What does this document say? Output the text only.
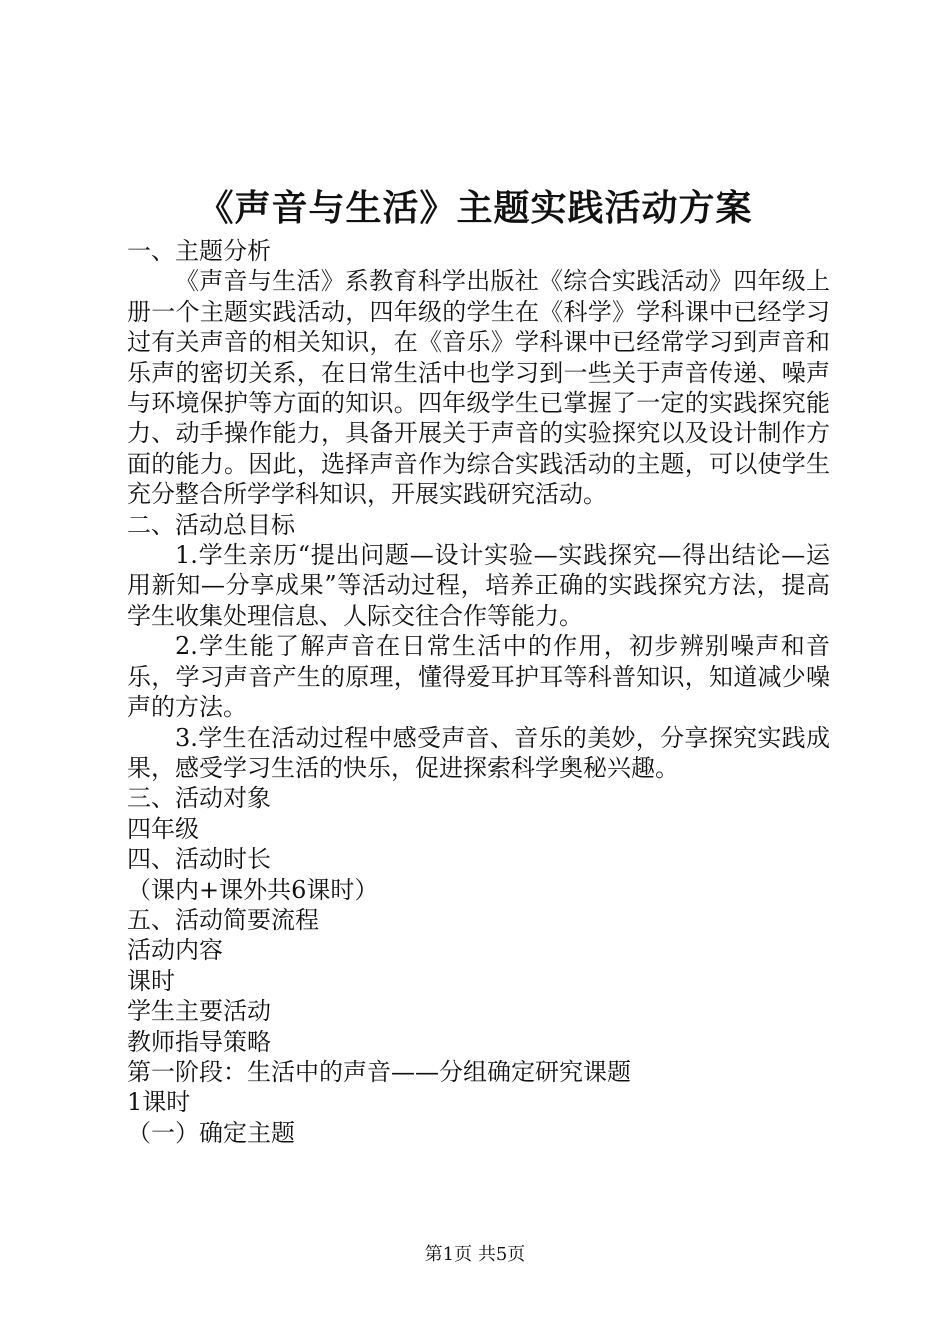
《声音与生活》主题实践活动方案

一、主题分析

《声音与生活》系教育科学出版社《综合实践活动》四年级上册一个主题实践活动，四年级的学生在《科学》学科课中已经学习过有关声音的相关知识，在《音乐》学科课中已经常学习到声音和乐声的密切关系，在日常生活中也学习到一些关于声音传递、噪声与环境保护等方面的知识。四年级学生已掌握了一定的实践探究能力、动手操作能力，具备开展关于声音的实验探究以及设计制作方面的能力。因此，选择声音作为综合实践活动的主题，可以使学生充分整合所学学科知识，开展实践研究活动。

二、活动总目标

1.学生亲历“提出问题—设计实验—实践探究—得出结论—运用新知—分享成果”等活动过程，培养正确的实践探究方法，提高学生收集处理信息、人际交往合作等能力。

2.学生能了解声音在日常生活中的作用，初步辨别噪声和音乐，学习声音产生的原理，懂得爱耳护耳等科普知识，知道减少噪声的方法。

3.学生在活动过程中感受声音、音乐的美妙，分享探究实践成果，感受学习生活的快乐，促进探索科学奥秘兴趣。

三、活动对象

四年级

四、活动时长

（课内+课外共6课时）

五、活动简要流程

活动内容

课时

学生主要活动

教师指导策略

第一阶段：生活中的声音——分组确定研究课题

1课时

（一）确定主题

第1页 共5页
